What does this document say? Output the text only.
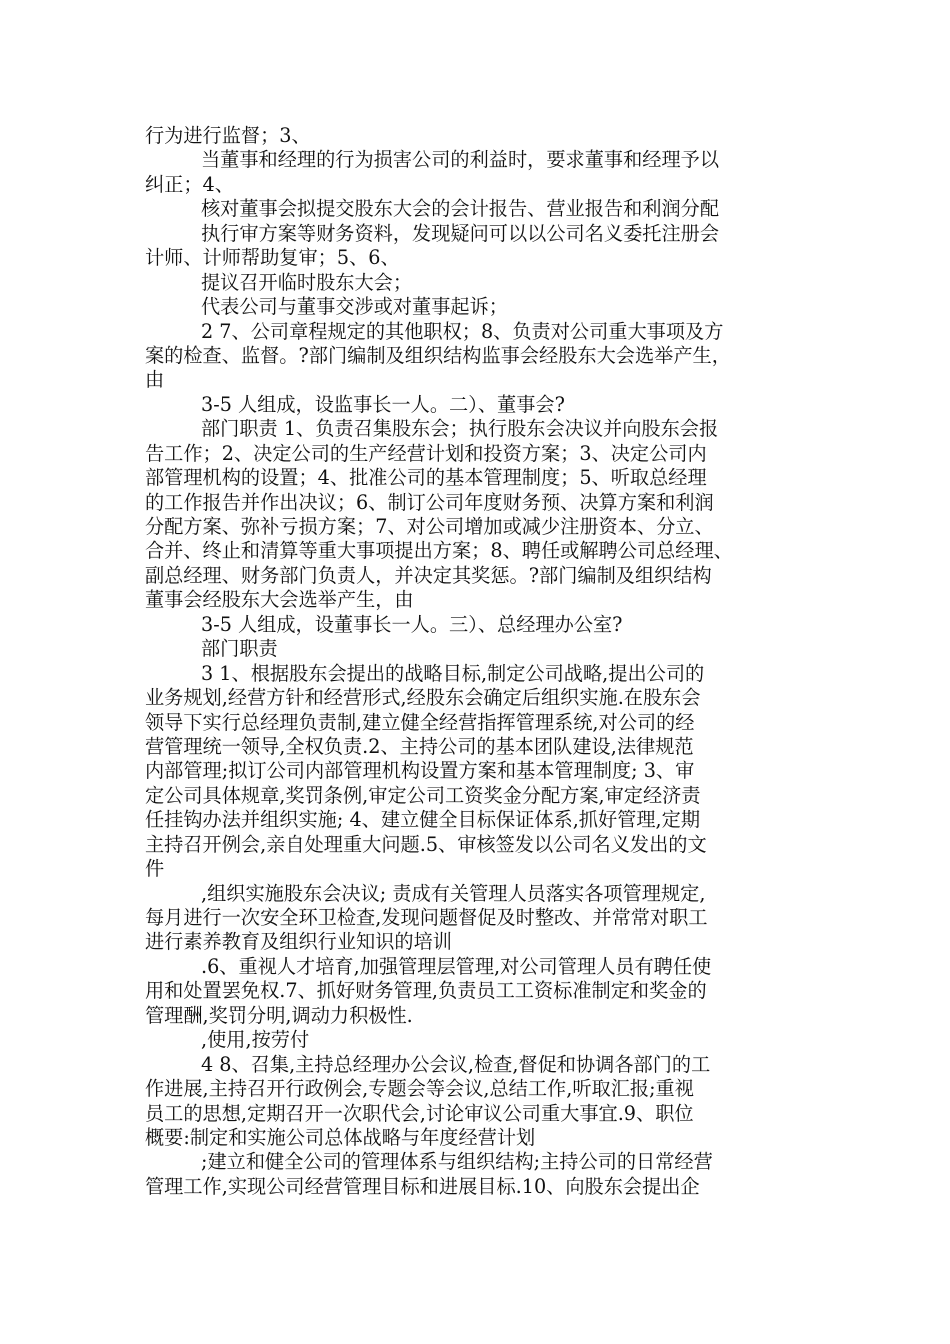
行为进行监督；3、
当董事和经理的行为损害公司的利益时，要求董事和经理予以
纠正；4、
核对董事会拟提交股东大会的会计报告、营业报告和利润分配
执行审方案等财务资料，发现疑问可以以公司名义委托注册会
计师、计师帮助复审；5、6、
提议召开临时股东大会；
代表公司与董事交涉或对董事起诉；
2 7、公司章程规定的其他职权；8、负责对公司重大事项及方
案的检查、监督。?部门编制及组织结构监事会经股东大会选举产生，
由
3-5 人组成，设监事长一人。二）、董事会?
部门职责 1、负责召集股东会；执行股东会决议并向股东会报
告工作；2、决定公司的生产经营计划和投资方案；3、决定公司内
部管理机构的设置；4、批准公司的基本管理制度；5、听取总经理
的工作报告并作出决议；6、制订公司年度财务预、决算方案和利润
分配方案、弥补亏损方案；7、对公司增加或减少注册资本、分立、
合并、终止和清算等重大事项提出方案；8、聘任或解聘公司总经理、
副总经理、财务部门负责人，并决定其奖惩。?部门编制及组织结构
董事会经股东大会选举产生，由
3-5 人组成，设董事长一人。三）、总经理办公室?
部门职责
3 1、根据股东会提出的战略目标,制定公司战略,提出公司的
业务规划,经营方针和经营形式,经股东会确定后组织实施.在股东会
领导下实行总经理负责制,建立健全经营指挥管理系统,对公司的经
营管理统一领导,全权负责.2、主持公司的基本团队建设,法律规范
内部管理;拟订公司内部管理机构设置方案和基本管理制度; 3、审
定公司具体规章,奖罚条例,审定公司工资奖金分配方案,审定经济责
任挂钩办法并组织实施; 4、建立健全目标保证体系,抓好管理,定期
主持召开例会,亲自处理重大问题.5、审核签发以公司名义发出的文
件
,组织实施股东会决议; 责成有关管理人员落实各项管理规定,
每月进行一次安全环卫检查,发现问题督促及时整改、并常常对职工
进行素养教育及组织行业知识的培训
.6、重视人才培育,加强管理层管理,对公司管理人员有聘任使
用和处置罢免权.7、抓好财务管理,负责员工工资标准制定和奖金的
管理酬,奖罚分明,调动力积极性.
,使用,按劳付
4 8、召集,主持总经理办公会议,检查,督促和协调各部门的工
作进展,主持召开行政例会,专题会等会议,总结工作,听取汇报;重视
员工的思想,定期召开一次职代会,讨论审议公司重大事宜.9、职位
概要:制定和实施公司总体战略与年度经营计划
;建立和健全公司的管理体系与组织结构;主持公司的日常经营
管理工作,实现公司经营管理目标和进展目标.10、向股东会提出企
